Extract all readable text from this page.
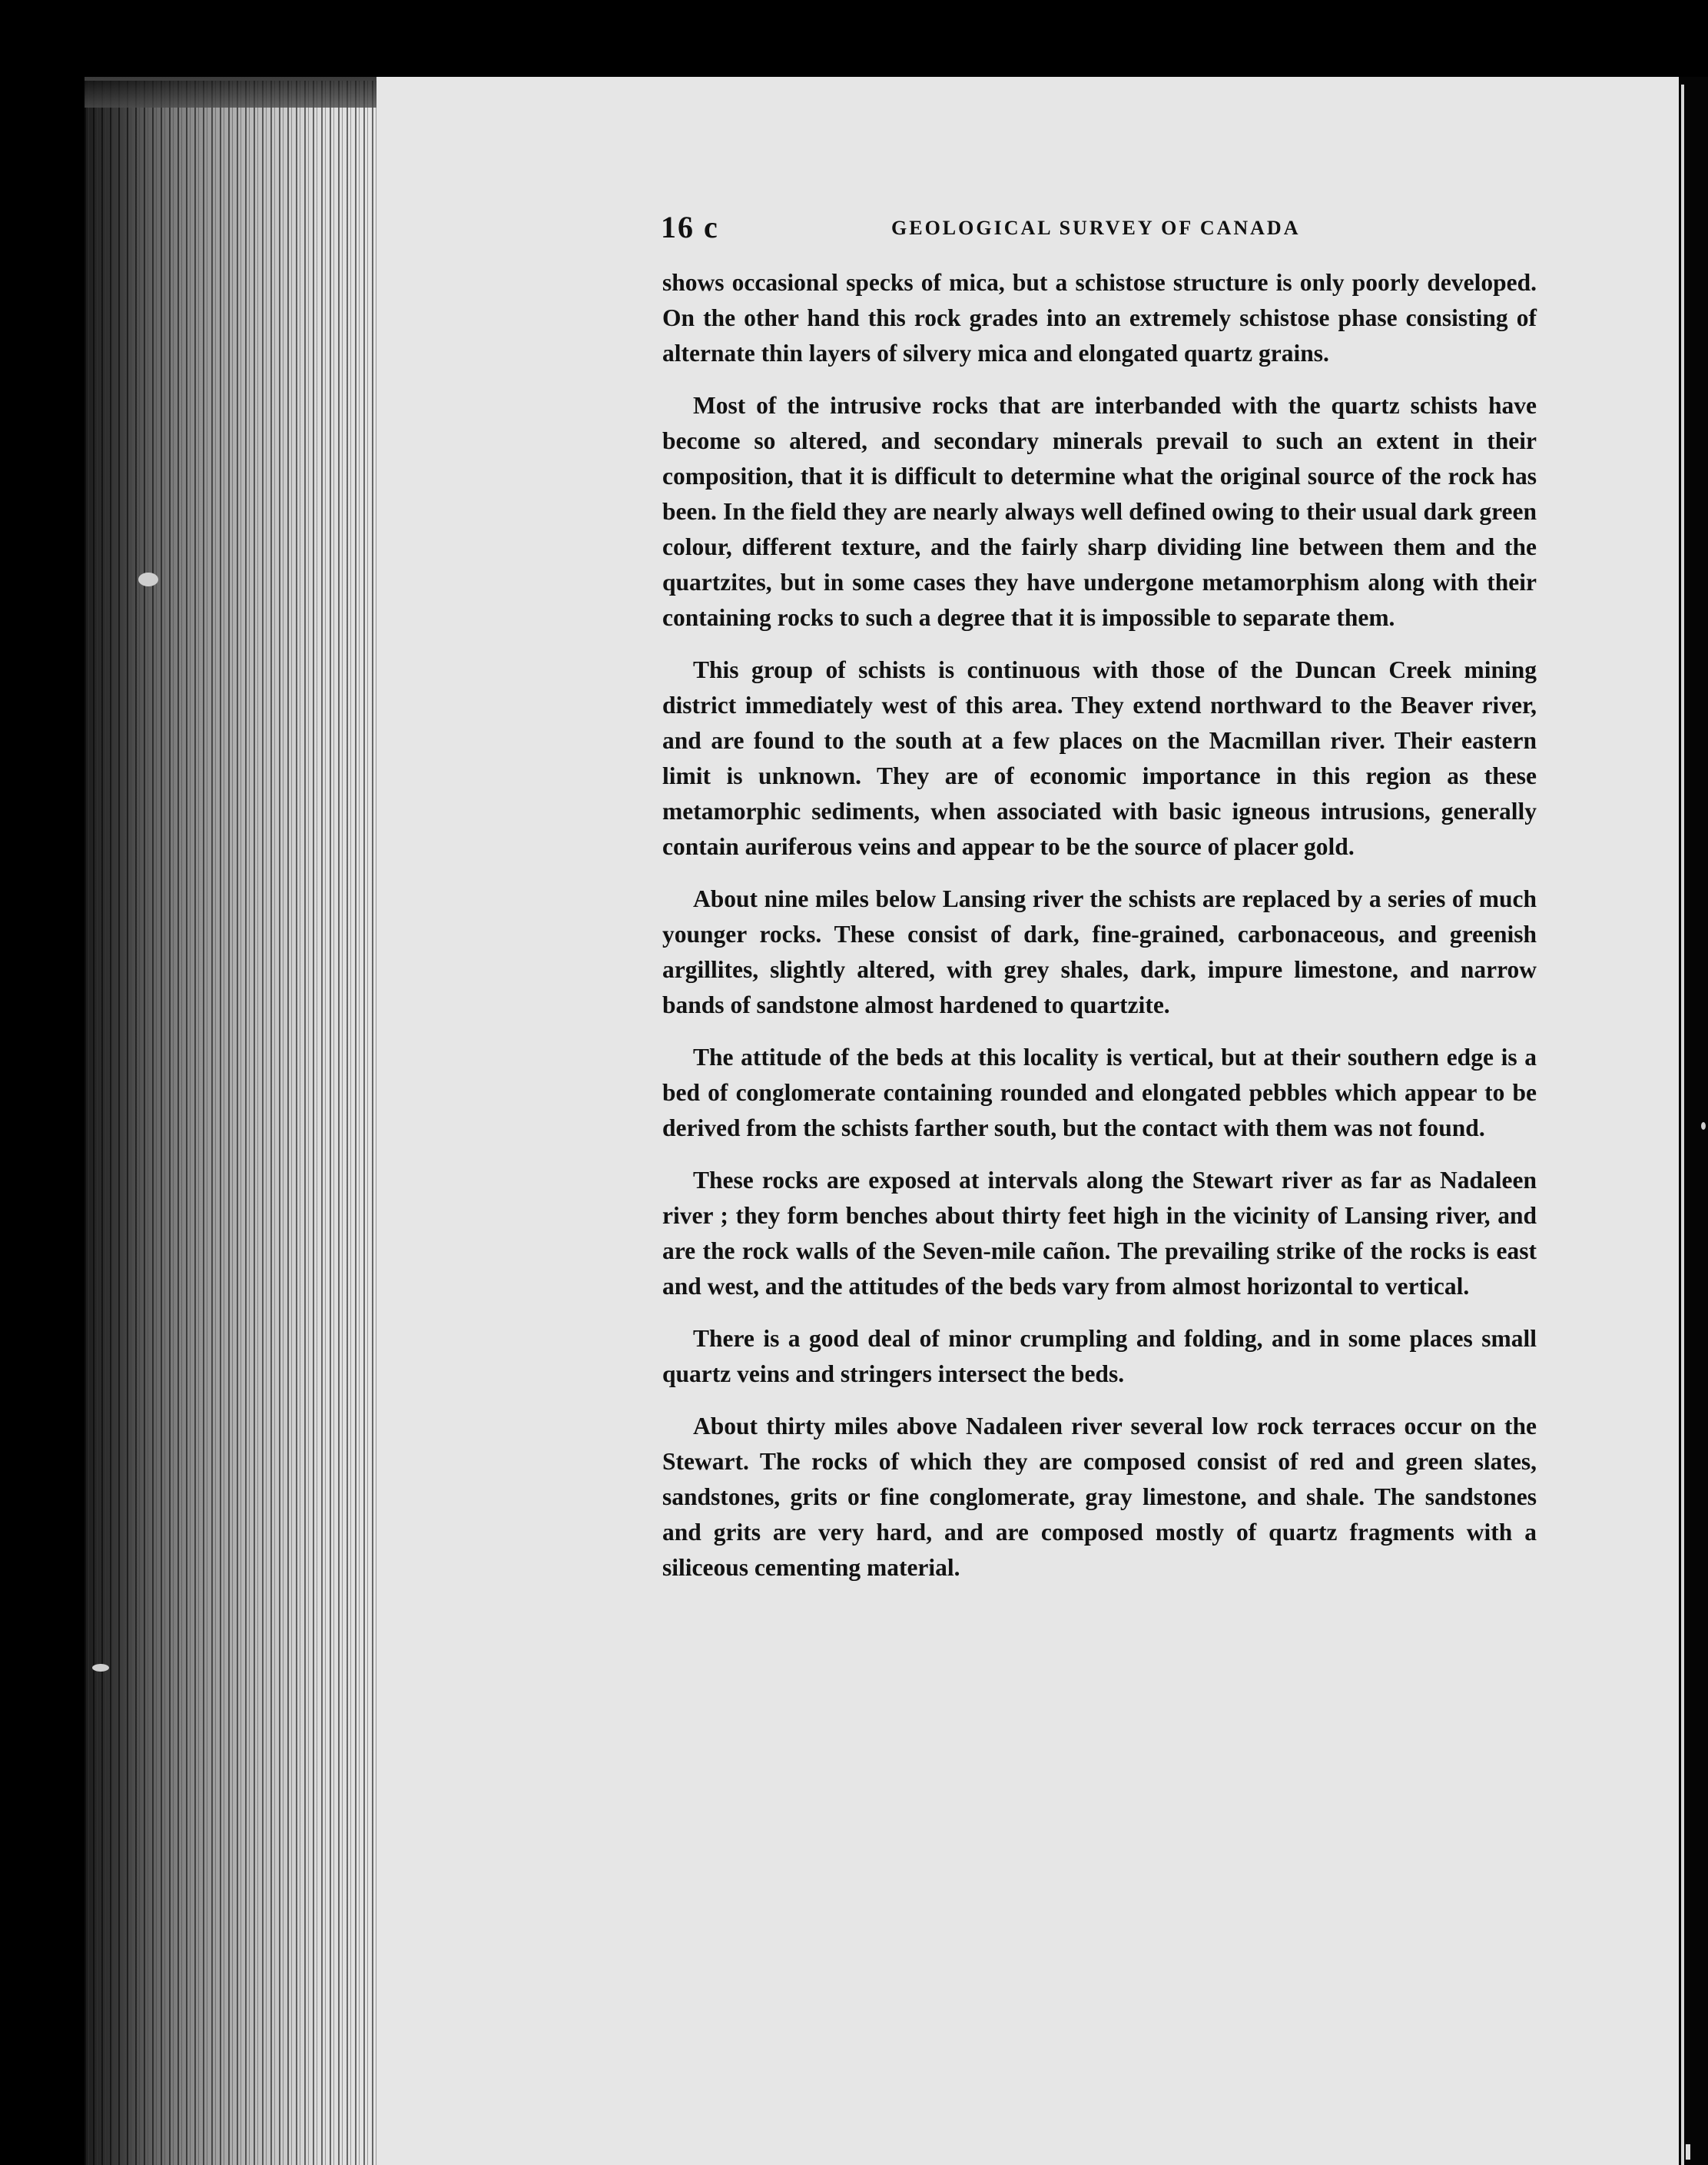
16 c	GEOLOGICAL SURVEY OF CANADA

shows occasional specks of mica, but a schistose structure is only poorly developed. On the other hand this rock grades into an extremely schistose phase consisting of alternate thin layers of silvery mica and elongated quartz grains.

Most of the intrusive rocks that are interbanded with the quartz schists have become so altered, and secondary minerals prevail to such an extent in their composition, that it is difficult to determine what the original source of the rock has been. In the field they are nearly always well defined owing to their usual dark green colour, different texture, and the fairly sharp dividing line between them and the quartzites, but in some cases they have undergone metamorphism along with their containing rocks to such a degree that it is impossible to separate them.

This group of schists is continuous with those of the Duncan Creek mining district immediately west of this area. They extend northward to the Beaver river, and are found to the south at a few places on the Macmillan river. Their eastern limit is unknown. They are of economic importance in this region as these metamorphic sediments, when associated with basic igneous intrusions, generally contain auriferous veins and appear to be the source of placer gold.

About nine miles below Lansing river the schists are replaced by a series of much younger rocks. These consist of dark, fine-grained, carbonaceous, and greenish argillites, slightly altered, with grey shales, dark, impure limestone, and narrow bands of sandstone almost hardened to quartzite.

The attitude of the beds at this locality is vertical, but at their southern edge is a bed of conglomerate containing rounded and elongated pebbles which appear to be derived from the schists farther south, but the contact with them was not found.

These rocks are exposed at intervals along the Stewart river as far as Nadaleen river ; they form benches about thirty feet high in the vicinity of Lansing river, and are the rock walls of the Seven-mile cañon. The prevailing strike of the rocks is east and west, and the attitudes of the beds vary from almost horizontal to vertical.

There is a good deal of minor crumpling and folding, and in some places small quartz veins and stringers intersect the beds.

About thirty miles above Nadaleen river several low rock terraces occur on the Stewart. The rocks of which they are composed consist of red and green slates, sandstones, grits or fine conglomerate, gray limestone, and shale. The sandstones and grits are very hard, and are composed mostly of quartz fragments with a siliceous cementing material.
